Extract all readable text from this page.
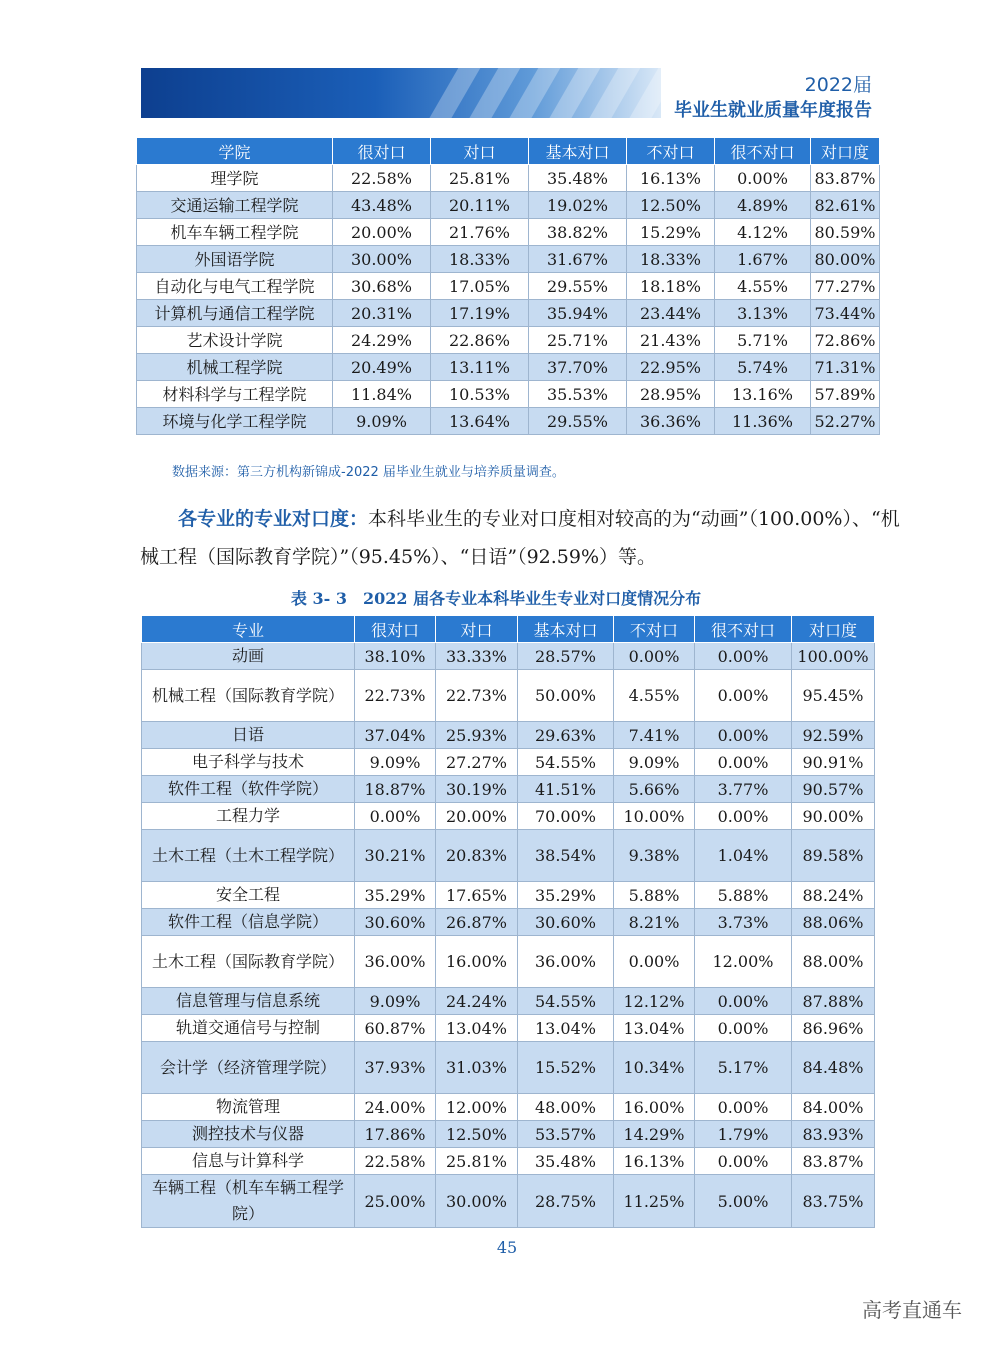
2022届
毕业生就业质量年度报告
学院	很对口	对口	基本对口	不对口	很不对口	对口度
理学院	22.58%	25.81%	35.48%	16.13%	0.00%	83.87%
交通运输工程学院	43.48%	20.11%	19.02%	12.50%	4.89%	82.61%
机车车辆工程学院	20.00%	21.76%	38.82%	15.29%	4.12%	80.59%
外国语学院	30.00%	18.33%	31.67%	18.33%	1.67%	80.00%
自动化与电气工程学院	30.68%	17.05%	29.55%	18.18%	4.55%	77.27%
计算机与通信工程学院	20.31%	17.19%	35.94%	23.44%	3.13%	73.44%
艺术设计学院	24.29%	22.86%	25.71%	21.43%	5.71%	72.86%
机械工程学院	20.49%	13.11%	37.70%	22.95%	5.74%	71.31%
材料科学与工程学院	11.84%	10.53%	35.53%	28.95%	13.16%	57.89%
环境与化学工程学院	9.09%	13.64%	29.55%	36.36%	11.36%	52.27%
数据来源：第三方机构新锦成-2022 届毕业生就业与培养质量调查。
  各专业的专业对口度：本科毕业生的专业对口度相对较高的为“动画”（100.00%）、“机械工程（国际教育学院）”（95.45%）、“日语”（92.59%）等。
表 3- 3　2022 届各专业本科毕业生专业对口度情况分布
专业	很对口	对口	基本对口	不对口	很不对口	对口度
动画	38.10%	33.33%	28.57%	0.00%	0.00%	100.00%
机械工程（国际教育学院）	22.73%	22.73%	50.00%	4.55%	0.00%	95.45%
日语	37.04%	25.93%	29.63%	7.41%	0.00%	92.59%
电子科学与技术	9.09%	27.27%	54.55%	9.09%	0.00%	90.91%
软件工程（软件学院）	18.87%	30.19%	41.51%	5.66%	3.77%	90.57%
工程力学	0.00%	20.00%	70.00%	10.00%	0.00%	90.00%
土木工程（土木工程学院）	30.21%	20.83%	38.54%	9.38%	1.04%	89.58%
安全工程	35.29%	17.65%	35.29%	5.88%	5.88%	88.24%
软件工程（信息学院）	30.60%	26.87%	30.60%	8.21%	3.73%	88.06%
土木工程（国际教育学院）	36.00%	16.00%	36.00%	0.00%	12.00%	88.00%
信息管理与信息系统	9.09%	24.24%	54.55%	12.12%	0.00%	87.88%
轨道交通信号与控制	60.87%	13.04%	13.04%	13.04%	0.00%	86.96%
会计学（经济管理学院）	37.93%	31.03%	15.52%	10.34%	5.17%	84.48%
物流管理	24.00%	12.00%	48.00%	16.00%	0.00%	84.00%
测控技术与仪器	17.86%	12.50%	53.57%	14.29%	1.79%	83.93%
信息与计算科学	22.58%	25.81%	35.48%	16.13%	0.00%	83.87%
车辆工程（机车车辆工程学院）	25.00%	30.00%	28.75%	11.25%	5.00%	83.75%
45
高考直通车
